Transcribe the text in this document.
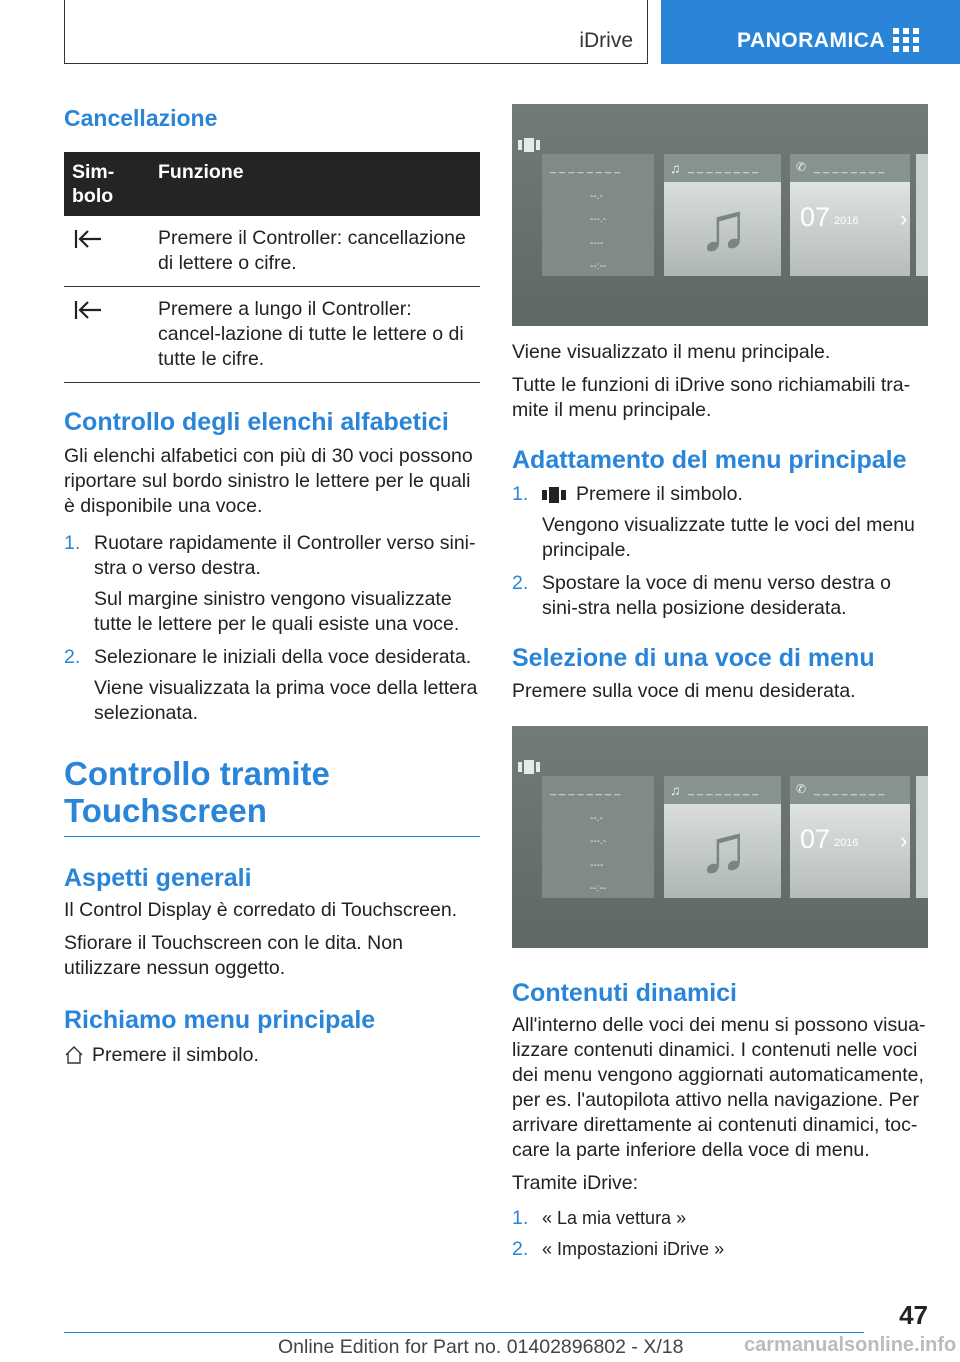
iDrive	PANORAMICA
Cancellazione
Sim-
bolo	Funzione

	Premere il Controller: cancellazione di lettere o cifre.

	Premere a lungo il Controller: cancel-lazione di tutte le lettere o di tutte le cifre.
Controllo degli elenchi alfabetici

Gli elenchi alfabetici con più di 30 voci possono riportare sul bordo sinistro le lettere per le quali è disponibile una voce.

1. Ruotare rapidamente il Controller verso sini-stra o verso destra.
Sul margine sinistro vengono visualizzate tutte le lettere per le quali esiste una voce.
2. Selezionare le iniziali della voce desiderata.
Viene visualizzata la prima voce della lettera selezionata.
Controllo tramite Touchscreen
Aspetti generali

Il Control Display è corredato di Touchscreen.

Sfiorare il Touchscreen con le dita. Non utilizzare nessun oggetto.

Richiamo menu principale

Premere il simbolo.

_ _ _ _ _ _ _ _
--.-
---.-
----
--:--
♫ _ _ _ _ _ _ _ _
♫
✆ _ _ _ _ _ _ _ _
07 2016 ›

Viene visualizzato il menu principale.

Tutte le funzioni di iDrive sono richiamabili tra-mite il menu principale.

Adattamento del menu principale
1.	Premere il simbolo.
Vengono visualizzate tutte le voci del menu principale.
2. Spostare la voce di menu verso destra o sini-stra nella posizione desiderata.
Selezione di una voce di menu

Premere sulla voce di menu desiderata.

_ _ _ _ _ _ _ _
--.-
---.-
----
--:--
♫ _ _ _ _ _ _ _ _
♫
✆ _ _ _ _ _ _ _ _
07 2016 ›
Contenuti dinamici

All'interno delle voci dei menu si possono visua-lizzare contenuti dinamici. I contenuti nelle voci dei menu vengono aggiornati automaticamente, per es. l'autopilota attivo nella navigazione. Per arrivare direttamente ai contenuti dinamici, toc-care la parte inferiore della voce di menu.

Tramite iDrive:

1. « La mia vettura »
2. « Impostazioni iDrive »
47
Online Edition for Part no. 01402896802 - X/18	carmanualsonline.info
